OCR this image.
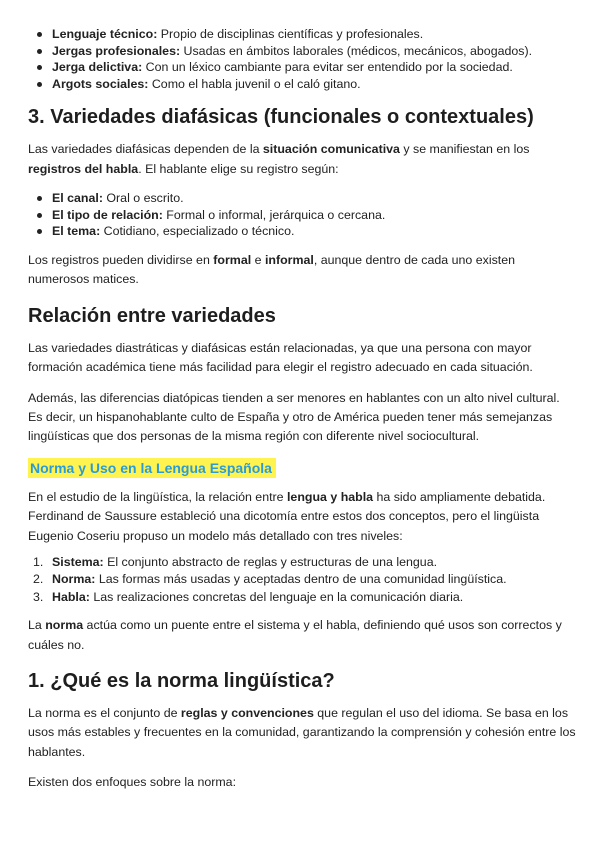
Lenguaje técnico: Propio de disciplinas científicas y profesionales.
Jergas profesionales: Usadas en ámbitos laborales (médicos, mecánicos, abogados).
Jerga delictiva: Con un léxico cambiante para evitar ser entendido por la sociedad.
Argots sociales: Como el habla juvenil o el caló gitano.
3. Variedades diafásicas (funcionales o contextuales)

Las variedades diafásicas dependen de la situación comunicativa y se manifiestan en los registros del habla. El hablante elige su registro según:

El canal: Oral o escrito.
El tipo de relación: Formal o informal, jerárquica o cercana.
El tema: Cotidiano, especializado o técnico.

Los registros pueden dividirse en formal e informal, aunque dentro de cada uno existen numerosos matices.

Relación entre variedades

Las variedades diastráticas y diafásicas están relacionadas, ya que una persona con mayor formación académica tiene más facilidad para elegir el registro adecuado en cada situación.

Además, las diferencias diatópicas tienden a ser menores en hablantes con un alto nivel cultural. Es decir, un hispanohablante culto de España y otro de América pueden tener más semejanzas lingüísticas que dos personas de la misma región con diferente nivel sociocultural.

Norma y Uso en la Lengua Española

En el estudio de la lingüística, la relación entre lengua y habla ha sido ampliamente debatida. Ferdinand de Saussure estableció una dicotomía entre estos dos conceptos, pero el lingüista Eugenio Coseriu propuso un modelo más detallado con tres niveles:

1. Sistema: El conjunto abstracto de reglas y estructuras de una lengua.
2. Norma: Las formas más usadas y aceptadas dentro de una comunidad lingüística.
3. Habla: Las realizaciones concretas del lenguaje en la comunicación diaria.

La norma actúa como un puente entre el sistema y el habla, definiendo qué usos son correctos y cuáles no.

1. ¿Qué es la norma lingüística?

La norma es el conjunto de reglas y convenciones que regulan el uso del idioma. Se basa en los usos más estables y frecuentes en la comunidad, garantizando la comprensión y cohesión entre los hablantes.

Existen dos enfoques sobre la norma:
